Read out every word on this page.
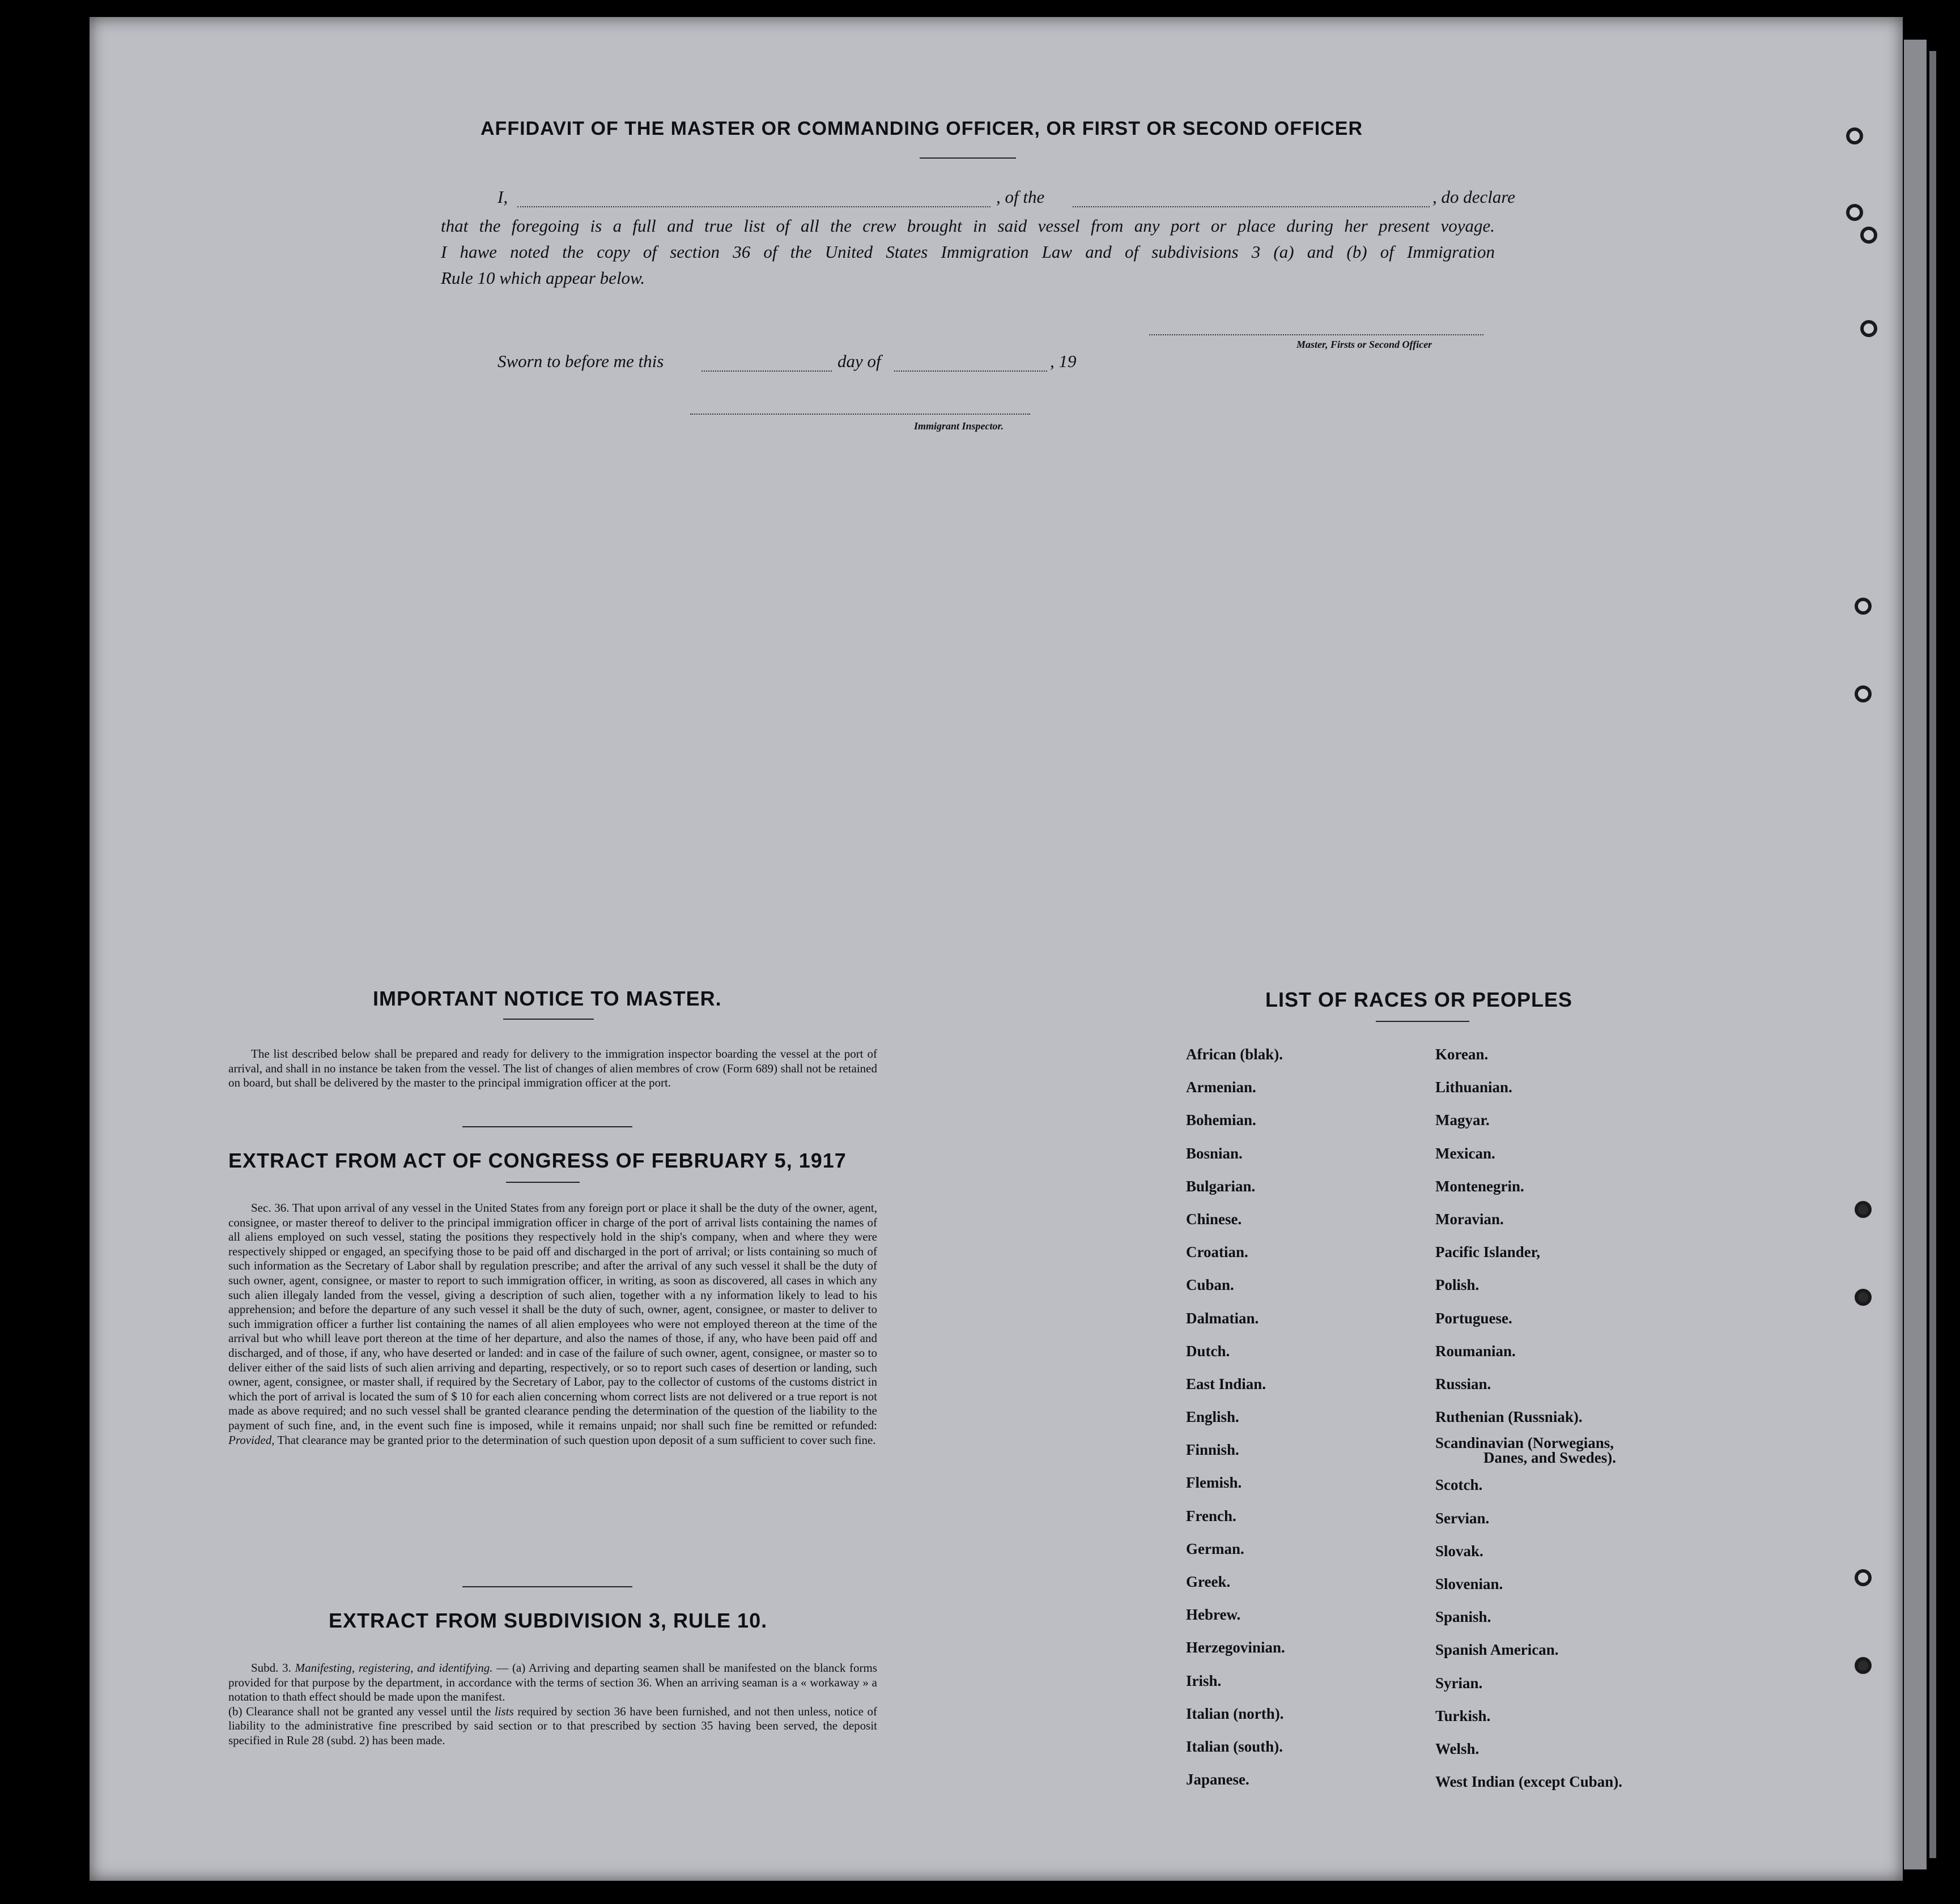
AFFIDAVIT OF THE MASTER OR COMMANDING OFFICER, OR FIRST OR SECOND OFFICER
I,	, of the	, do declare
that the foregoing is a full and true list of all the crew brought in said vessel from any port or place during her present voyage.
I hawe noted the copy of section 36 of the United States Immigration Law and of subdivisions 3 (a) and (b) of Immigration
Rule 10 which appear below.
Master, Firsts or Second Officer
Sworn to before me this	day of	, 19
Immigrant Inspector.
IMPORTANT NOTICE TO MASTER.
The list described below shall be prepared and ready for delivery to the immigration inspector boarding the vessel at the port of arrival, and shall in no instance be taken from the vessel. The list of changes of alien membres of crow (Form 689) shall not be retained on board, but shall be delivered by the master to the principal immigration officer at the port.
EXTRACT FROM ACT OF CONGRESS OF FEBRUARY 5, 1917
Sec. 36. That upon arrival of any vessel in the United States from any foreign port or place it shall be the duty of the owner, agent, consignee, or master thereof to deliver to the principal immigration officer in charge of the port of arrival lists containing the names of all aliens employed on such vessel, stating the positions they respectively hold in the ship's company, when and where they were respectively shipped or engaged, an specifying those to be paid off and discharged in the port of arrival; or lists containing so much of such information as the Secretary of Labor shall by regulation prescribe; and after the arrival of any such vessel it shall be the duty of such owner, agent, consignee, or master to report to such immigration officer, in writing, as soon as discovered, all cases in which any such alien illegaly landed from the vessel, giving a description of such alien, together with a ny information likely to lead to his apprehension; and before the departure of any such vessel it shall be the duty of such, owner, agent, consignee, or master to deliver to such immigration officer a further list containing the names of all alien employees who were not employed thereon at the time of the arrival but who whill leave port thereon at the time of her departure, and also the names of those, if any, who have been paid off and discharged, and of those, if any, who have deserted or landed: and in case of the failure of such owner, agent, consignee, or master so to deliver either of the said lists of such alien arriving and departing, respectively, or so to report such cases of desertion or landing, such owner, agent, consignee, or master shall, if required by the Secretary of Labor, pay to the collector of customs of the customs district in which the port of arrival is located the sum of $ 10 for each alien concerning whom correct lists are not delivered or a true report is not made as above required; and no such vessel shall be granted clearance pending the determination of the question of the liability to the payment of such fine, and, in the event such fine is imposed, while it remains unpaid; nor shall such fine be remitted or refunded: Provided, That clearance may be granted prior to the determination of such question upon deposit of a sum sufficient to cover such fine.
EXTRACT FROM SUBDIVISION 3, RULE 10.
Subd. 3. Manifesting, registering, and identifying. — (a) Arriving and departing seamen shall be manifested on the blanck forms provided for that purpose by the department, in accordance with the terms of section 36. When an arriving seaman is a « workaway » a notation to thath effect should be made upon the manifest.
(b) Clearance shall not be granted any vessel until the lists required by section 36 have been furnished, and not then unless, notice of liability to the administrative fine prescribed by said section or to that prescribed by section 35 having been served, the deposit specified in Rule 28 (subd. 2) has been made.
LIST OF RACES OR PEOPLES
African (blak).
Armenian.
Bohemian.
Bosnian.
Bulgarian.
Chinese.
Croatian.
Cuban.
Dalmatian.
Dutch.
East Indian.
English.
Finnish.
Flemish.
French.
German.
Greek.
Hebrew.
Herzegovinian.
Irish.
Italian (north).
Italian (south).
Japanese.
Korean.
Lithuanian.
Magyar.
Mexican.
Montenegrin.
Moravian.
Pacific Islander,
Polish.
Portuguese.
Roumanian.
Russian.
Ruthenian (Russniak).
Scandinavian (Norwegians,
Danes, and Swedes).
Scotch.
Servian.
Slovak.
Slovenian.
Spanish.
Spanish American.
Syrian.
Turkish.
Welsh.
West Indian (except Cuban).
